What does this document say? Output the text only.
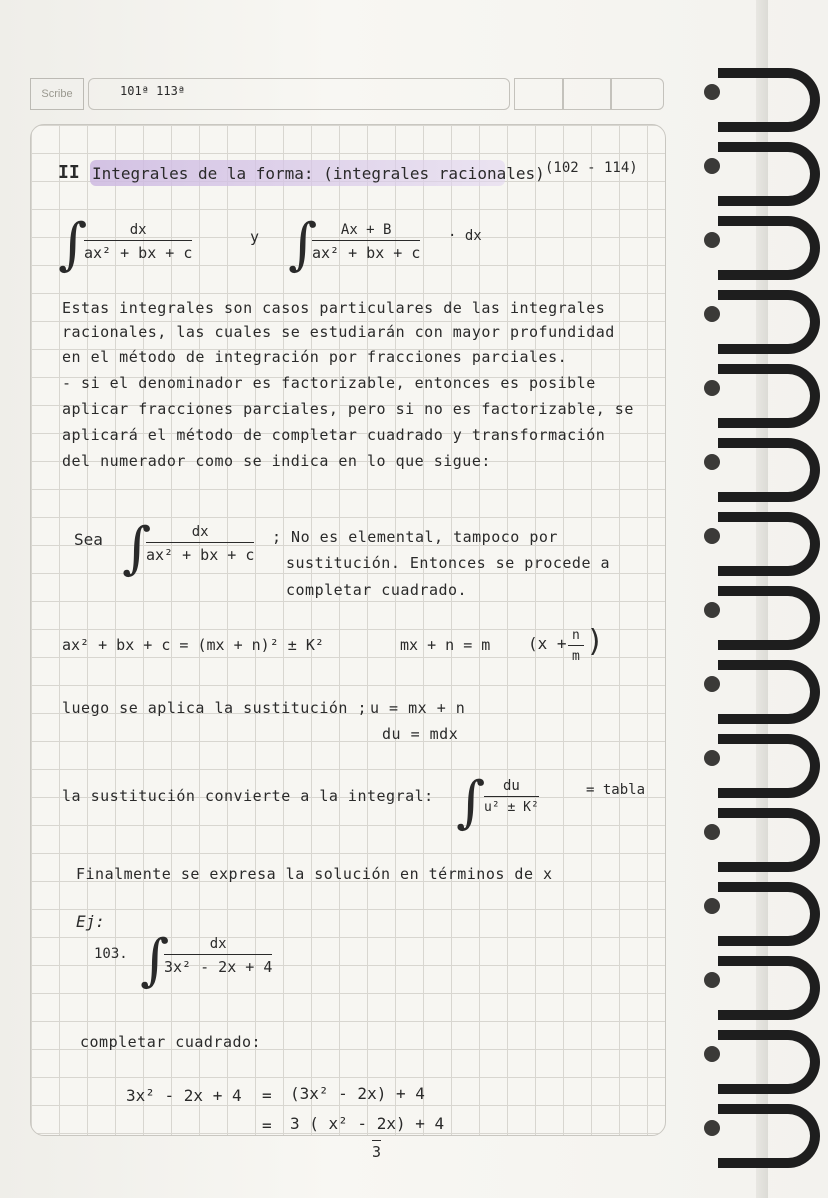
Scribe	101ª 113ª
II Integrales de la forma: (integrales racionales) (102 - 114)
∫
$\frac{dx}{\text{ax² + bx + c}}$	y ∫
$\frac{Ax + B}{\text{ax² + bx + c}}$ · dx
Estas integrales son casos particulares de las integrales
racionales, las cuales se estudiarán con mayor profundidad
en el método de integración por fracciones parciales.
- si el denominador es factorizable, entonces es posible
aplicar fracciones parciales, pero si no es factorizable, se
aplicará el método de completar cuadrado y transformación
del numerador como se indica en lo que sigue:
Sea ∫
$\frac{dx}{\text{ax² + bx + c}}$ ; No es elemental, tampoco por
sustitución. Entonces se procede a
completar cuadrado.
ax² + bx + c = (mx + n)² ± K²	mx + n = m ($x + \frac{n}{m}$ )
luego se aplica la sustitución ; u = mx + n
du = mdx
la sustitución convierte a la integral: ∫
$\frac{du}{\text{u² ± K²}}$	= tabla
Finalmente se expresa la solución en términos de x
Ej:
103. ∫
$\frac{dx}{\text{3x² - 2x + 4}}$
completar cuadrado:
3x² - 2x + 4 = (3x² - 2x) + 4
= 3 ( x² - 2x) + 4
3
